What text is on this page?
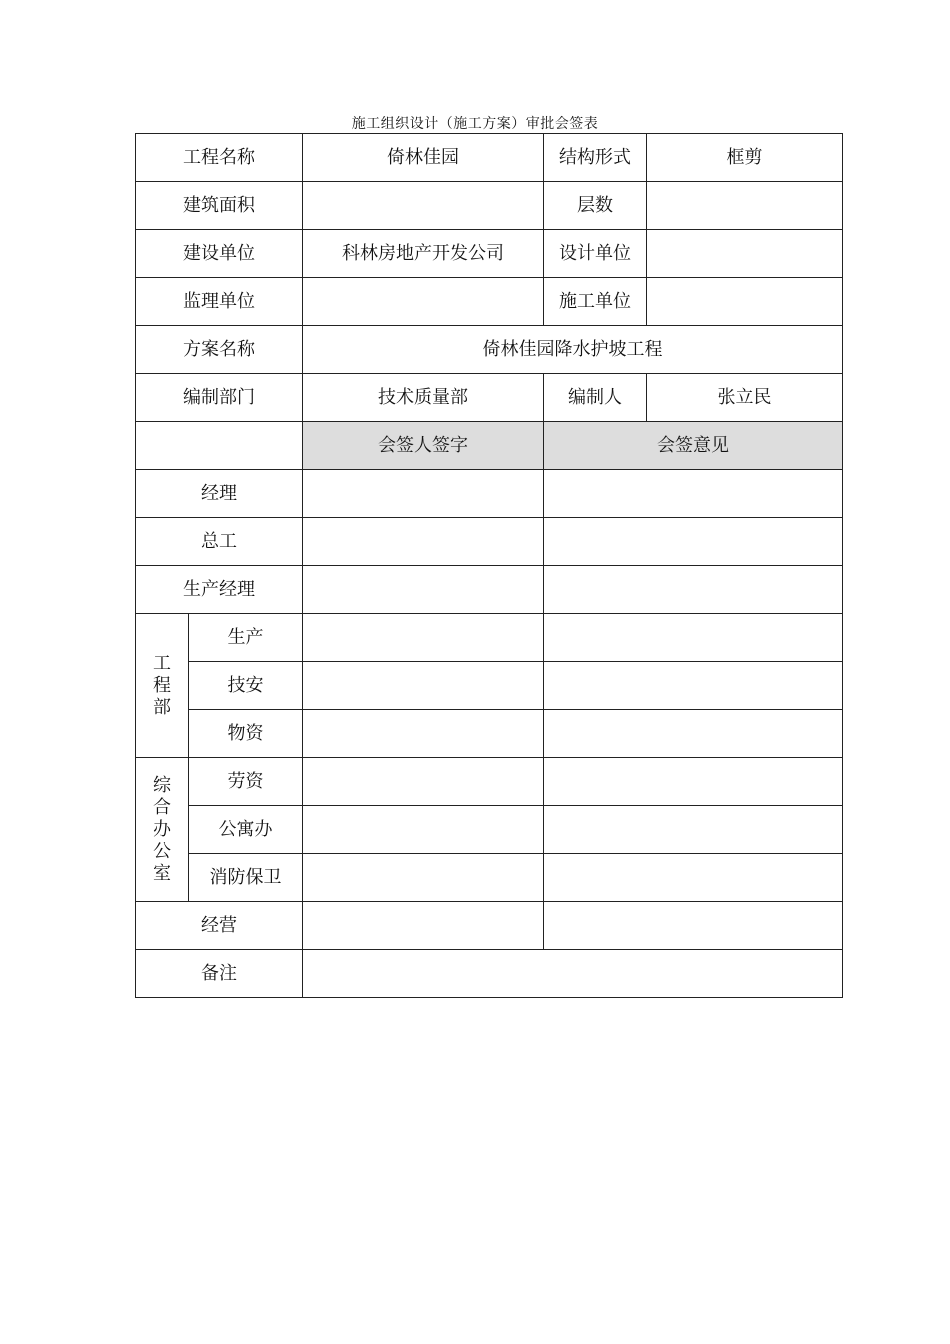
施工组织设计（施工方案）审批会签表
工程名称		倚林佳园	结构形式	框剪
建筑面积			层数	
建设单位		科林房地产开发公司	设计单位	
监理单位			施工单位	
方案名称		倚林佳园降水护坡工程		
编制部门		技术质量部	编制人	张立民
		会签人签字	会签意见	
经理				
总工				
生产经理				
工程部	生产			
	技安			
	物资			
综合办公室	劳资			
	公寓办			
	消防保卫			
经营				
备注				
